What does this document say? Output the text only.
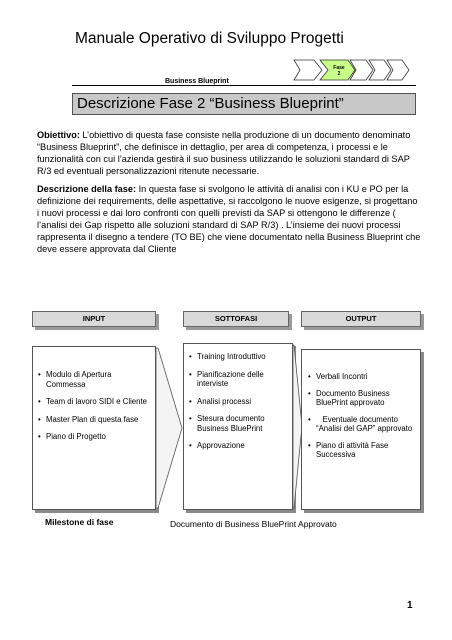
Manuale Operativo di Sviluppo Progetti
Fase
2
Business Blueprint
Descrizione Fase 2 “Business Blueprint”
Obiettivo: L’obiettivo di questa fase consiste nella produzione di un documento denominato “Business Blueprint”, che definisce in dettaglio, per area di competenza, i processi e le funzionalità con cui l’azienda gestirà il suo business utilizzando le soluzioni standard di SAP R/3 ed eventuali personalizzazioni ritenute necessarie.
Descrizione della fase: In questa fase si svolgono le attività di analisi con i KU e PO per la definizione dei requirements, delle aspettative, si raccolgono le nuove esigenze, si progettano i nuovi processi e dai loro confronti con quelli previsti da SAP si ottengono le differenze ( l’analisi dei Gap rispetto alle soluzioni standard di SAP R/3) . L’insieme dei nuovi processi rappresenta il disegno a tendere (TO BE) che viene documentato nella Business Blueprint che deve essere approvata dal Cliente
INPUT	SOTTOFASI	OUTPUT
• Modulo di Apertura Commessa
• Team di lavoro SIDI e Cliente
• Master Plan di questa fase
• Piano di Progetto
• Training Introduttivo
• Pianificazione delle interviste
• Analisi processi
• Stesura documento Business BluePrint
• Approvazione
• Verbali Incontri
• Documento Business BluePrint approvato
•    Eventuale documento “Analisi del GAP” approvato
• Piano di attività Fase Successiva
Milestone di fase	Documento di Business BluePrint Approvato
1
